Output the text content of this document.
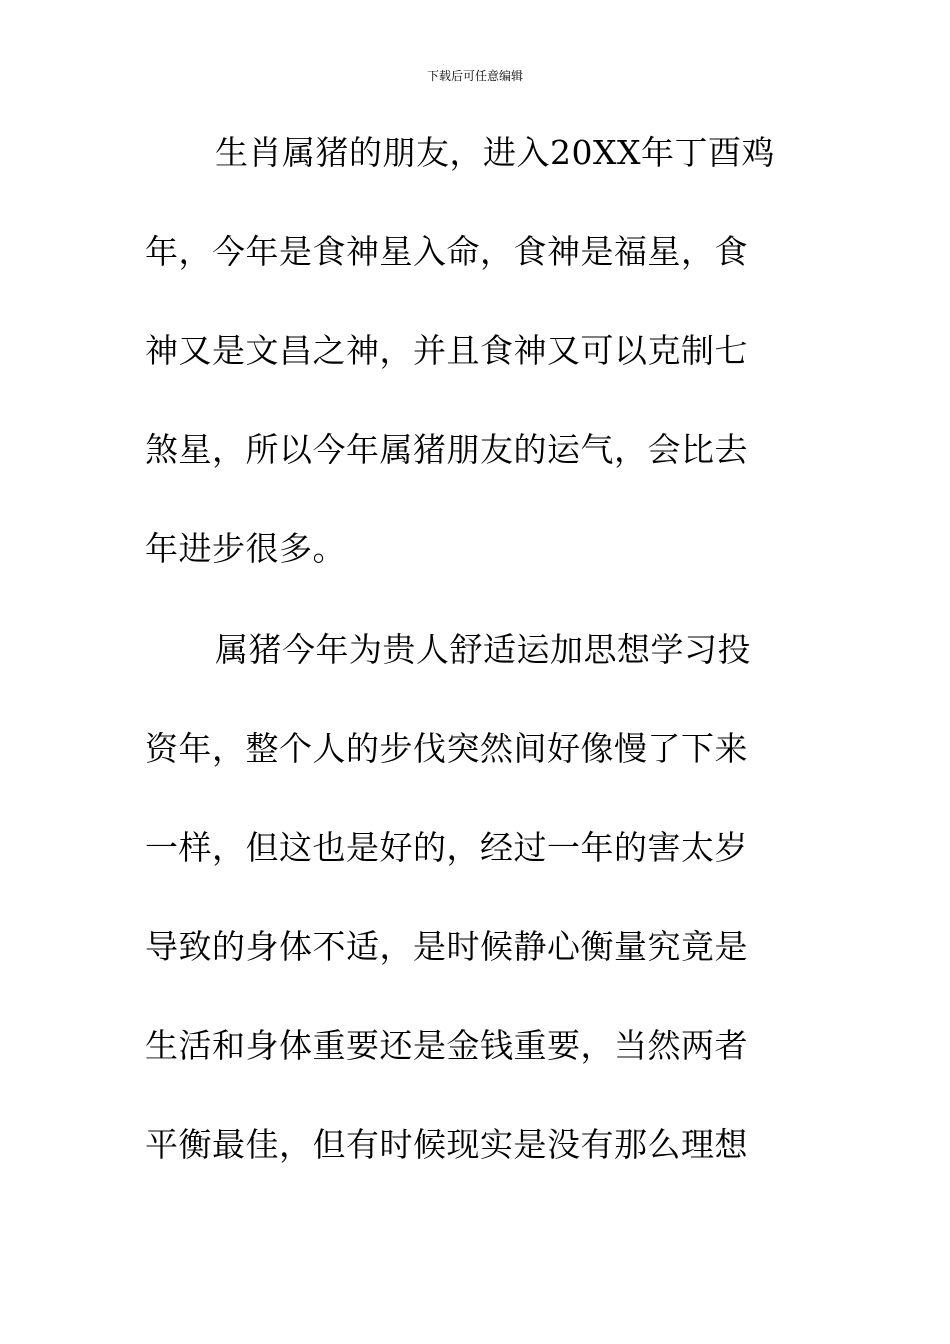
下载后可任意编辑
生肖属猪的朋友，进入20XX年丁酉鸡
年，今年是食神星入命，食神是福星，食
神又是文昌之神，并且食神又可以克制七
煞星，所以今年属猪朋友的运气，会比去
年进步很多。
属猪今年为贵人舒适运加思想学习投
资年，整个人的步伐突然间好像慢了下来
一样，但这也是好的，经过一年的害太岁
导致的身体不适，是时候静心衡量究竟是
生活和身体重要还是金钱重要，当然两者
平衡最佳，但有时候现实是没有那么理想
